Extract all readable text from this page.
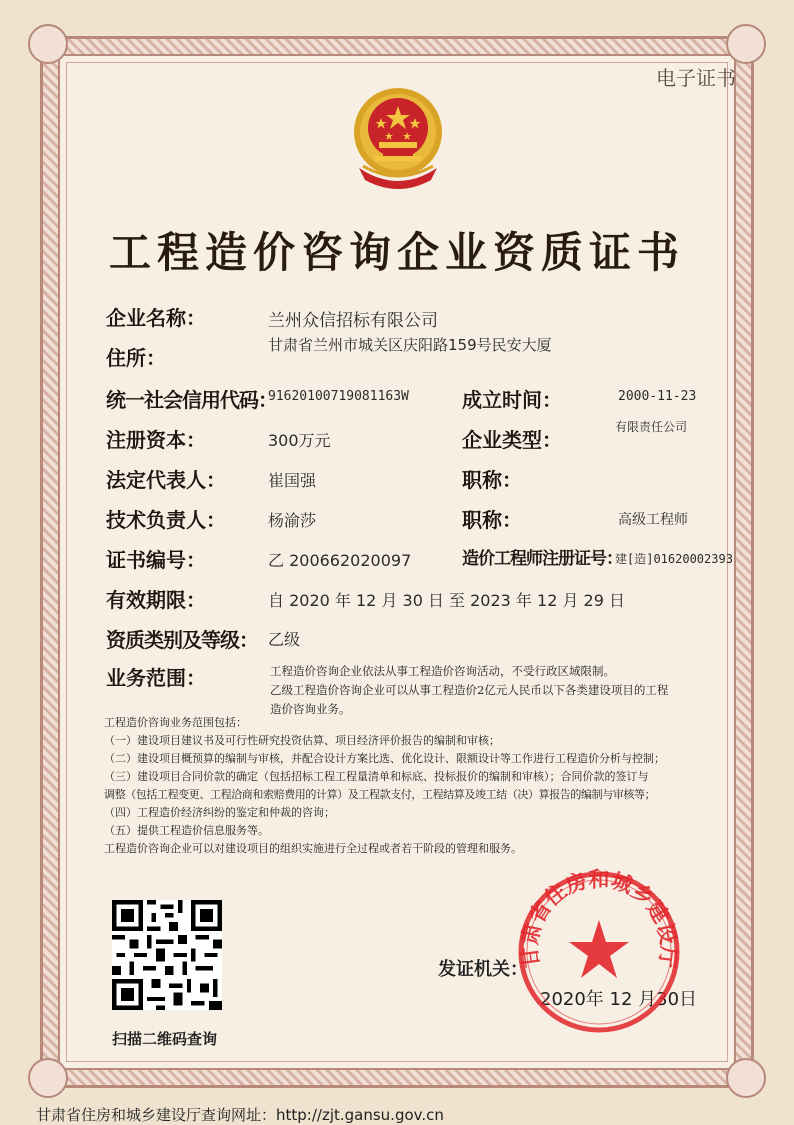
电子证书
工程造价咨询企业资质证书
企业名称：	兰州众信招标有限公司
住所：
甘肃省兰州市城关区庆阳路159号民安大厦
统一社会信用代码：
91620100719081163W	成立时间：	2000-11-23
注册资本：	300万元	企业类型：
有限责任公司
法定代表人：	崔国强	职称：
技术负责人：	杨渝莎	职称：	高级工程师
证书编号：	乙 200662020097	造价工程师注册证号：
建[造]01620002393
有效期限：	自 2020 年 12 月 30 日 至 2023 年 12 月 29 日
资质类别及等级： 乙级
业务范围：	工程造价咨询企业依法从事工程造价咨询活动，不受行政区域限制。
乙级工程造价咨询企业可以从事工程造价2亿元人民币以下各类建设项目的工程
造价咨询业务。
工程造价咨询业务范围包括：
（一）建设项目建议书及可行性研究投资估算、项目经济评价报告的编制和审核；
（二）建设项目概预算的编制与审核，并配合设计方案比选、优化设计、限额设计等工作进行工程造价分析与控制；
（三）建设项目合同价款的确定（包括招标工程工程量清单和标底、投标报价的编制和审核）；合同价款的签订与
调整（包括工程变更、工程洽商和索赔费用的计算）及工程款支付，工程结算及竣工结（决）算报告的编制与审核等；
（四）工程造价经济纠纷的鉴定和仲裁的咨询；
（五）提供工程造价信息服务等。
工程造价咨询企业可以对建设项目的组织实施进行全过程或者若干阶段的管理和服务。
扫描二维码查询
发证机关：
2020年 12 月30日
甘肃省住房和城乡建设厅
甘肃省住房和城乡建设厅查询网址：http://zjt.gansu.gov.cn
